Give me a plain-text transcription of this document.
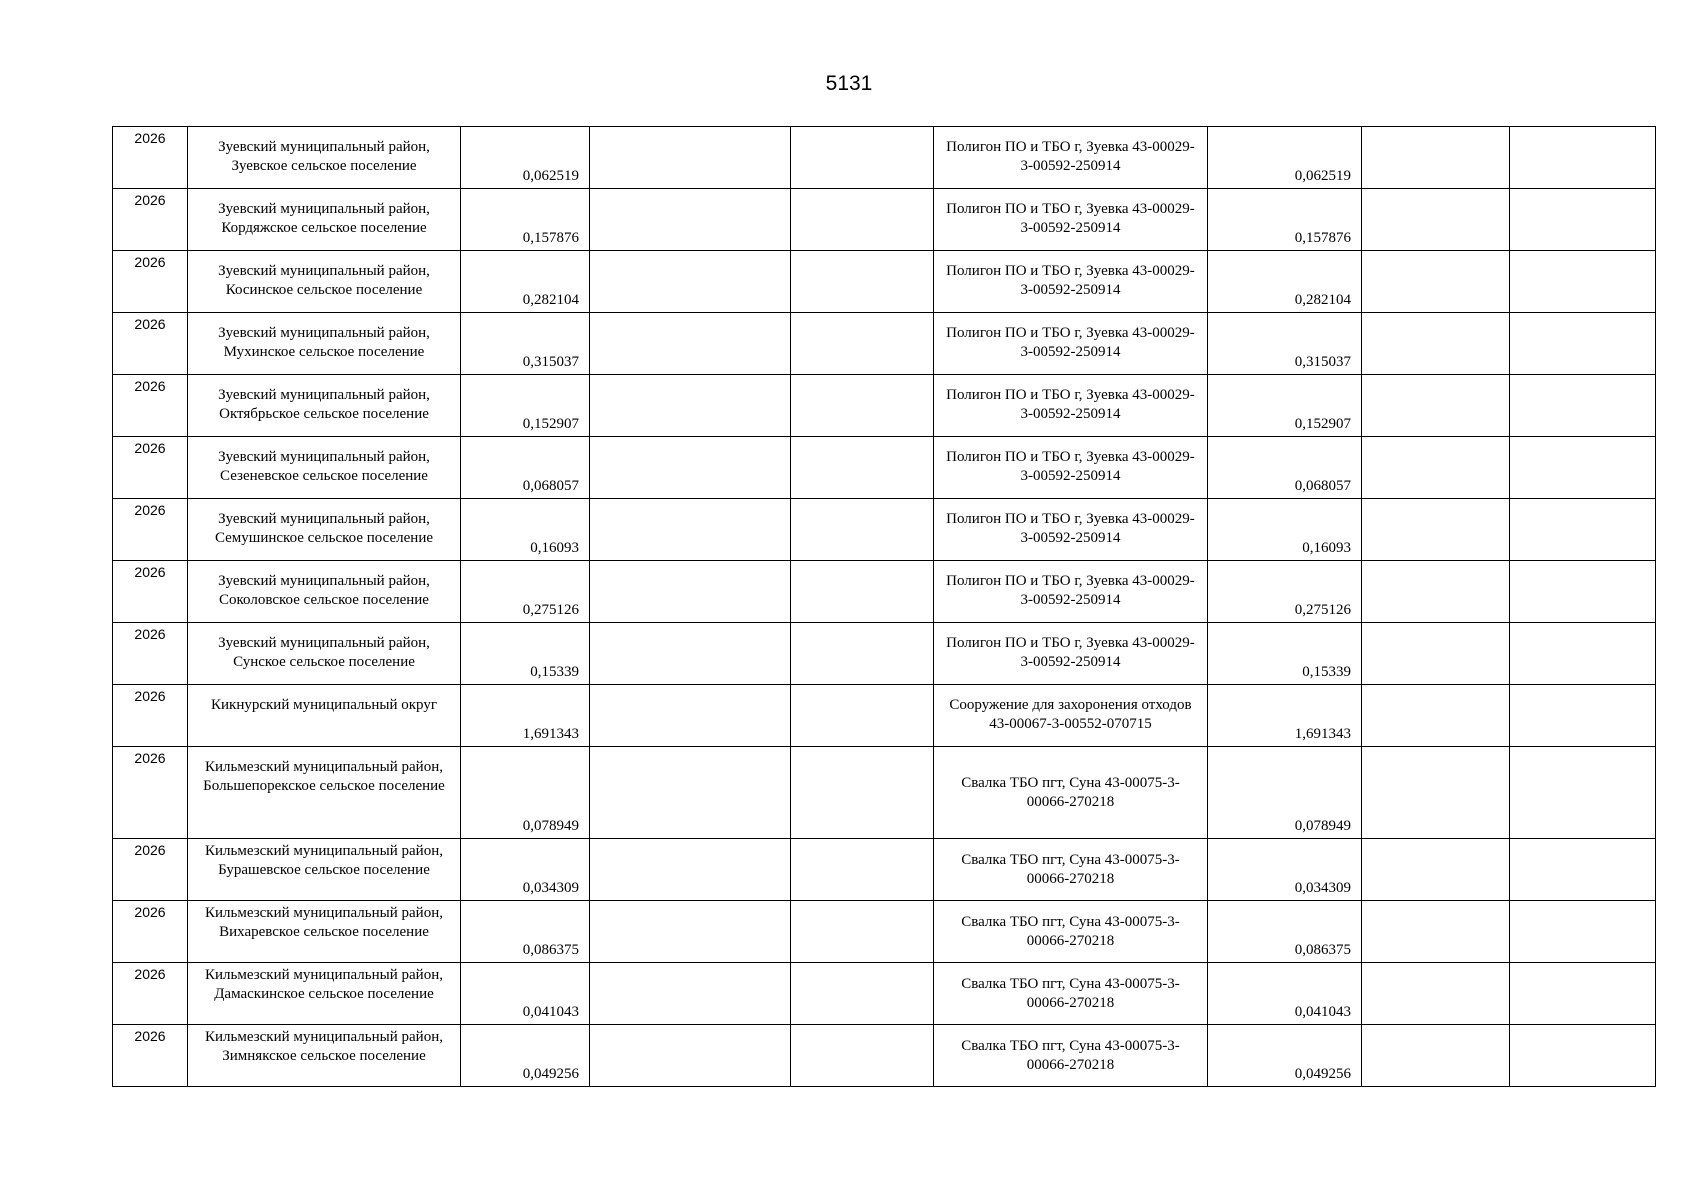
5131
2026	Зуевский муниципальный район, Зуевское сельское поселение	0,062519			Полигон ПО и ТБО г, Зуевка 43-00029-3-00592-250914	0,062519		

2026	Зуевский муниципальный район, Кордяжское сельское поселение	0,157876			Полигон ПО и ТБО г, Зуевка 43-00029-3-00592-250914	0,157876		

2026	Зуевский муниципальный район, Косинское сельское поселение	0,282104			Полигон ПО и ТБО г, Зуевка 43-00029-3-00592-250914	0,282104		

2026	Зуевский муниципальный район, Мухинское сельское поселение	0,315037			Полигон ПО и ТБО г, Зуевка 43-00029-3-00592-250914	0,315037		

2026	Зуевский муниципальный район, Октябрьское сельское поселение	0,152907			Полигон ПО и ТБО г, Зуевка 43-00029-3-00592-250914	0,152907		

2026	Зуевский муниципальный район, Сезеневское сельское поселение	0,068057			Полигон ПО и ТБО г, Зуевка 43-00029-3-00592-250914	0,068057		

2026	Зуевский муниципальный район, Семушинское сельское поселение	0,16093			Полигон ПО и ТБО г, Зуевка 43-00029-3-00592-250914	0,16093		

2026	Зуевский муниципальный район, Соколовское сельское поселение	0,275126			Полигон ПО и ТБО г, Зуевка 43-00029-3-00592-250914	0,275126		

2026	Зуевский муниципальный район, Сунское сельское поселение	0,15339			Полигон ПО и ТБО г, Зуевка 43-00029-3-00592-250914	0,15339		

2026	Кикнурский муниципальный округ	1,691343			Сооружение для захоронения отходов 43-00067-3-00552-070715	1,691343		

2026	Кильмезский муниципальный район, Большепорекское сельское поселение	0,078949			Свалка ТБО пгт, Суна 43-00075-3-00066-270218	0,078949		

2026	Кильмезский муниципальный район, Бурашевское сельское поселение	0,034309			Свалка ТБО пгт, Суна 43-00075-3-00066-270218	0,034309		

2026	Кильмезский муниципальный район, Вихаревское сельское поселение	0,086375			Свалка ТБО пгт, Суна 43-00075-3-00066-270218	0,086375		

2026	Кильмезский муниципальный район, Дамаскинское сельское поселение	0,041043			Свалка ТБО пгт, Суна 43-00075-3-00066-270218	0,041043		

2026	Кильмезский муниципальный район, Зимнякское сельское поселение	0,049256			Свалка ТБО пгт, Суна 43-00075-3-00066-270218	0,049256		
